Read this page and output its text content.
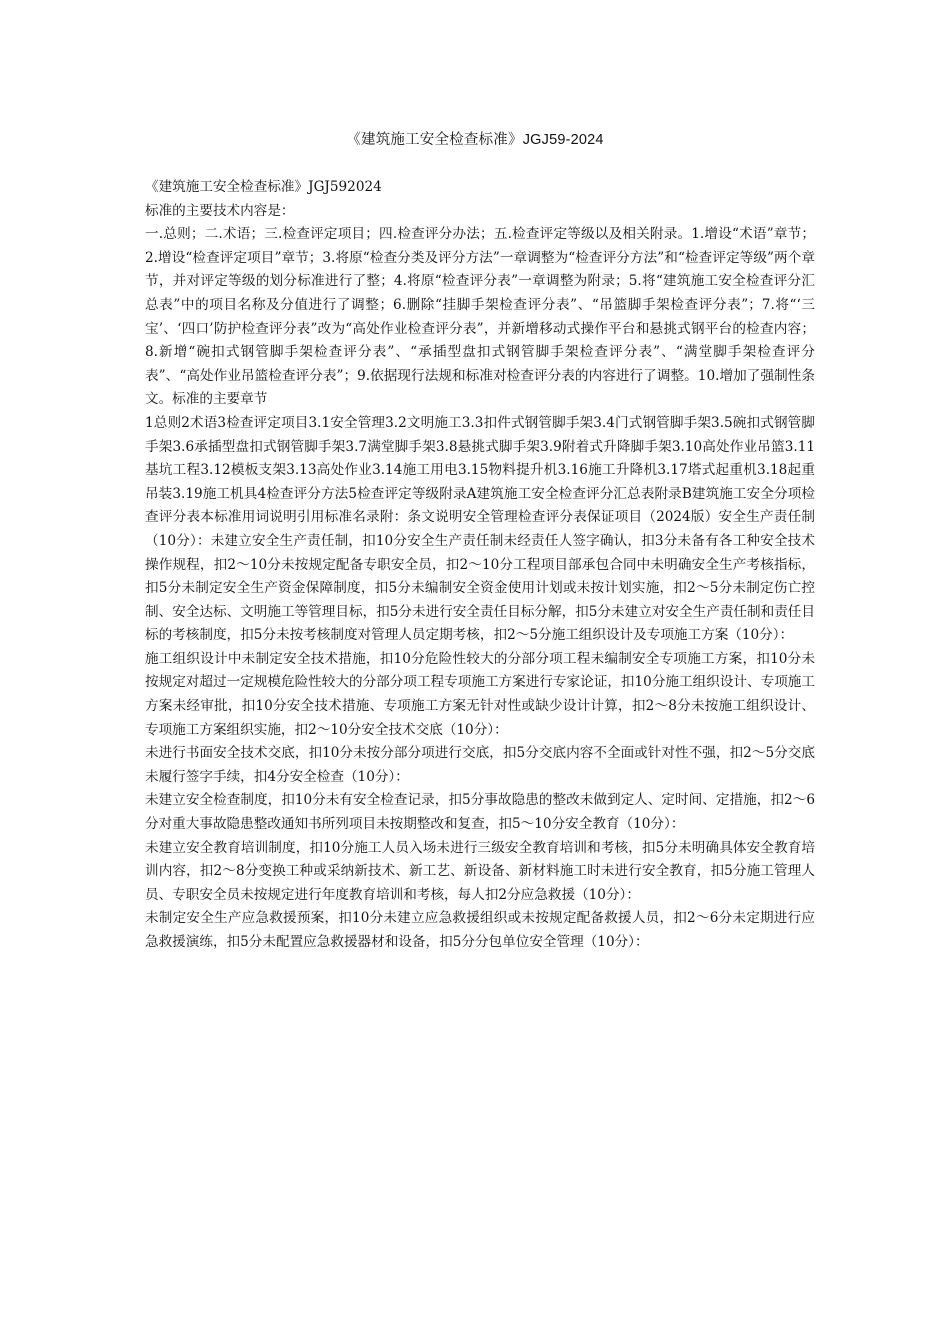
《建筑施工安全检查标准》JGJ59-2024

《建筑施工安全检查标准》JGJ592024

标准的主要技术内容是：

一.总则；二.术语；三.检查评定项目；四.检查评分办法；五.检查评定等级以及相关附录。1.增设“术语”章节；2.增设“检查评定项目”章节；3.将原“检查分类及评分方法”一章调整为“检查评分方法”和“检查评定等级”两个章节，并对评定等级的划分标准进行了整；4.将原“检查评分表”一章调整为附录；5.将“建筑施工安全检查评分汇总表”中的项目名称及分值进行了调整；6.删除“挂脚手架检查评分表”、“吊篮脚手架检查评分表”；7.将“‘三宝’、‘四口’防护检查评分表”改为“高处作业检查评分表”，并新增移动式操作平台和悬挑式钢平台的检查内容；8.新增“碗扣式钢管脚手架检查评分表”、“承插型盘扣式钢管脚手架检查评分表”、“满堂脚手架检查评分表”、“高处作业吊篮检查评分表”；9.依据现行法规和标准对检查评分表的内容进行了调整。10.增加了强制性条文。标准的主要章节

1总则2术语3检查评定项目3.1安全管理3.2文明施工3.3扣件式钢管脚手架3.4门式钢管脚手架3.5碗扣式钢管脚手架3.6承插型盘扣式钢管脚手架3.7满堂脚手架3.8悬挑式脚手架3.9附着式升降脚手架3.10高处作业吊篮3.11基坑工程3.12模板支架3.13高处作业3.14施工用电3.15物料提升机3.16施工升降机3.17塔式起重机3.18起重吊装3.19施工机具4检查评分方法5检查评定等级附录A建筑施工安全检查评分汇总表附录B建筑施工安全分项检查评分表本标准用词说明引用标准名录附：条文说明安全管理检查评分表保证项目（2024版）安全生产责任制（10分）：未建立安全生产责任制，扣10分安全生产责任制未经责任人签字确认，扣3分未备有各工种安全技术操作规程，扣2～10分未按规定配备专职安全员，扣2～10分工程项目部承包合同中未明确安全生产考核指标，扣5分未制定安全生产资金保障制度，扣5分未编制安全资金使用计划或未按计划实施，扣2～5分未制定伤亡控制、安全达标、文明施工等管理目标，扣5分未进行安全责任目标分解，扣5分未建立对安全生产责任制和责任目标的考核制度，扣5分未按考核制度对管理人员定期考核，扣2～5分施工组织设计及专项施工方案（10分）：

施工组织设计中未制定安全技术措施，扣10分危险性较大的分部分项工程未编制安全专项施工方案，扣10分未按规定对超过一定规模危险性较大的分部分项工程专项施工方案进行专家论证，扣10分施工组织设计、专项施工方案未经审批，扣10分安全技术措施、专项施工方案无针对性或缺少设计计算，扣2～8分未按施工组织设计、专项施工方案组织实施，扣2～10分安全技术交底（10分）：

未进行书面安全技术交底，扣10分未按分部分项进行交底，扣5分交底内容不全面或针对性不强，扣2～5分交底未履行签字手续，扣4分安全检查（10分）：

未建立安全检查制度，扣10分未有安全检查记录，扣5分事故隐患的整改未做到定人、定时间、定措施，扣2～6分对重大事故隐患整改通知书所列项目未按期整改和复查，扣5～10分安全教育（10分）：

未建立安全教育培训制度，扣10分施工人员入场未进行三级安全教育培训和考核，扣5分未明确具体安全教育培训内容，扣2～8分变换工种或采纳新技术、新工艺、新设备、新材料施工时未进行安全教育，扣5分施工管理人员、专职安全员未按规定进行年度教育培训和考核，每人扣2分应急救援（10分）：

未制定安全生产应急救援预案，扣10分未建立应急救援组织或未按规定配备救援人员，扣2～6分未定期进行应急救援演练，扣5分未配置应急救援器材和设备，扣5分分包单位安全管理（10分）：
